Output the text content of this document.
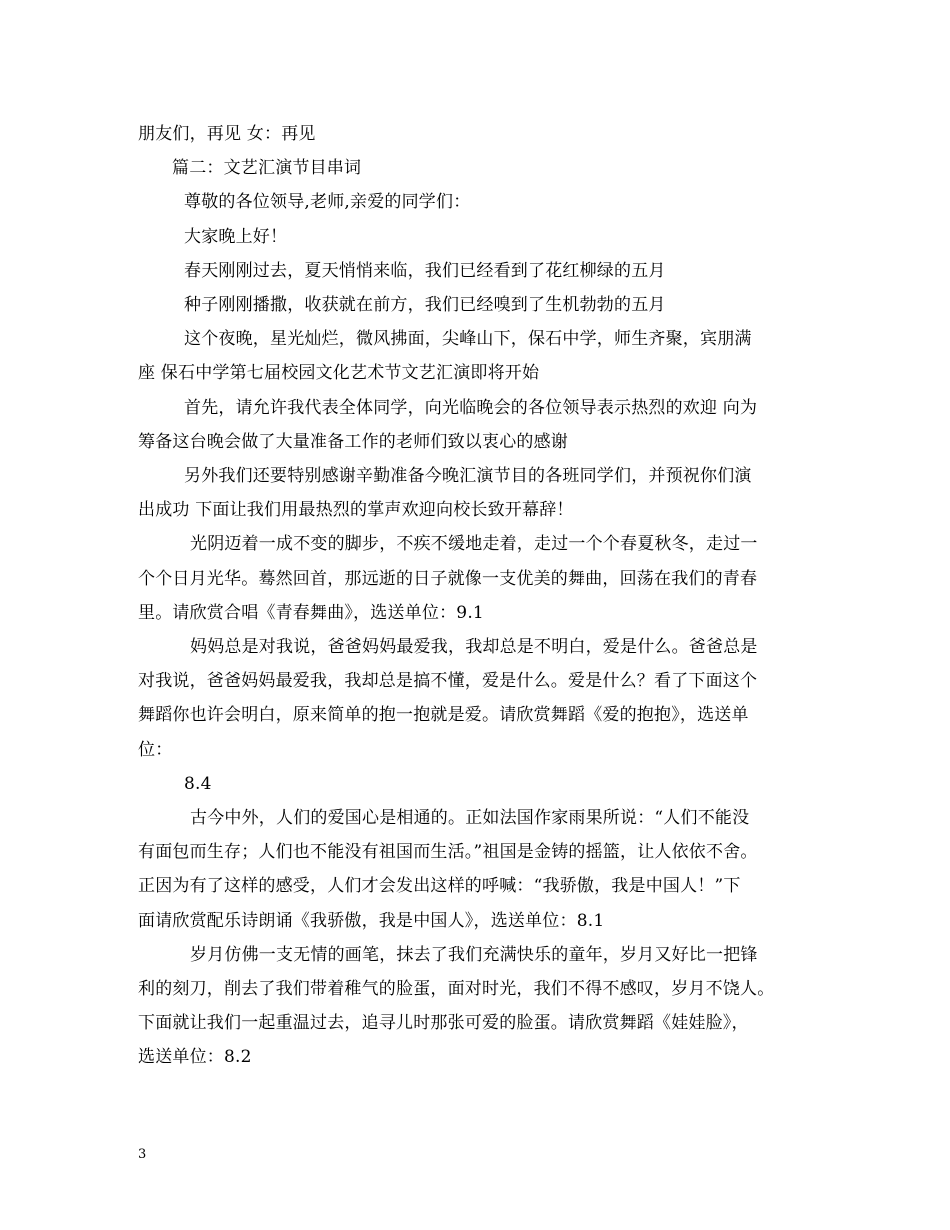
朋友们，再见 女：再见
篇二：文艺汇演节目串词
尊敬的各位领导,老师,亲爱的同学们：
大家晚上好！
春天刚刚过去，夏天悄悄来临，我们已经看到了花红柳绿的五月
种子刚刚播撒，收获就在前方，我们已经嗅到了生机勃勃的五月
这个夜晚，星光灿烂，微风拂面，尖峰山下，保石中学，师生齐聚，宾朋满
座 保石中学第七届校园文化艺术节文艺汇演即将开始
首先，请允许我代表全体同学，向光临晚会的各位领导表示热烈的欢迎 向为
筹备这台晚会做了大量准备工作的老师们致以衷心的感谢
另外我们还要特别感谢辛勤准备今晚汇演节目的各班同学们，并预祝你们演
出成功 下面让我们用最热烈的掌声欢迎向校长致开幕辞！
光阴迈着一成不变的脚步，不疾不缓地走着，走过一个个春夏秋冬，走过一
个个日月光华。蓦然回首，那远逝的日子就像一支优美的舞曲，回荡在我们的青春
里。请欣赏合唱《青春舞曲》，选送单位：9.1
妈妈总是对我说，爸爸妈妈最爱我，我却总是不明白，爱是什么。爸爸总是
对我说，爸爸妈妈最爱我，我却总是搞不懂，爱是什么。爱是什么？看了下面这个
舞蹈你也许会明白，原来简单的抱一抱就是爱。请欣赏舞蹈《爱的抱抱》，选送单
位：
8.4
古今中外，人们的爱国心是相通的。正如法国作家雨果所说：“人们不能没
有面包而生存；人们也不能没有祖国而生活。”祖国是金铸的摇篮，让人依依不舍。
正因为有了这样的感受，人们才会发出这样的呼喊：“我骄傲，我是中国人！”下
面请欣赏配乐诗朗诵《我骄傲，我是中国人》，选送单位：8.1
岁月仿佛一支无情的画笔，抹去了我们充满快乐的童年，岁月又好比一把锋
利的刻刀，削去了我们带着稚气的脸蛋，面对时光，我们不得不感叹，岁月不饶人。
下面就让我们一起重温过去，追寻儿时那张可爱的脸蛋。请欣赏舞蹈《娃娃脸》，
选送单位：8.2
3
